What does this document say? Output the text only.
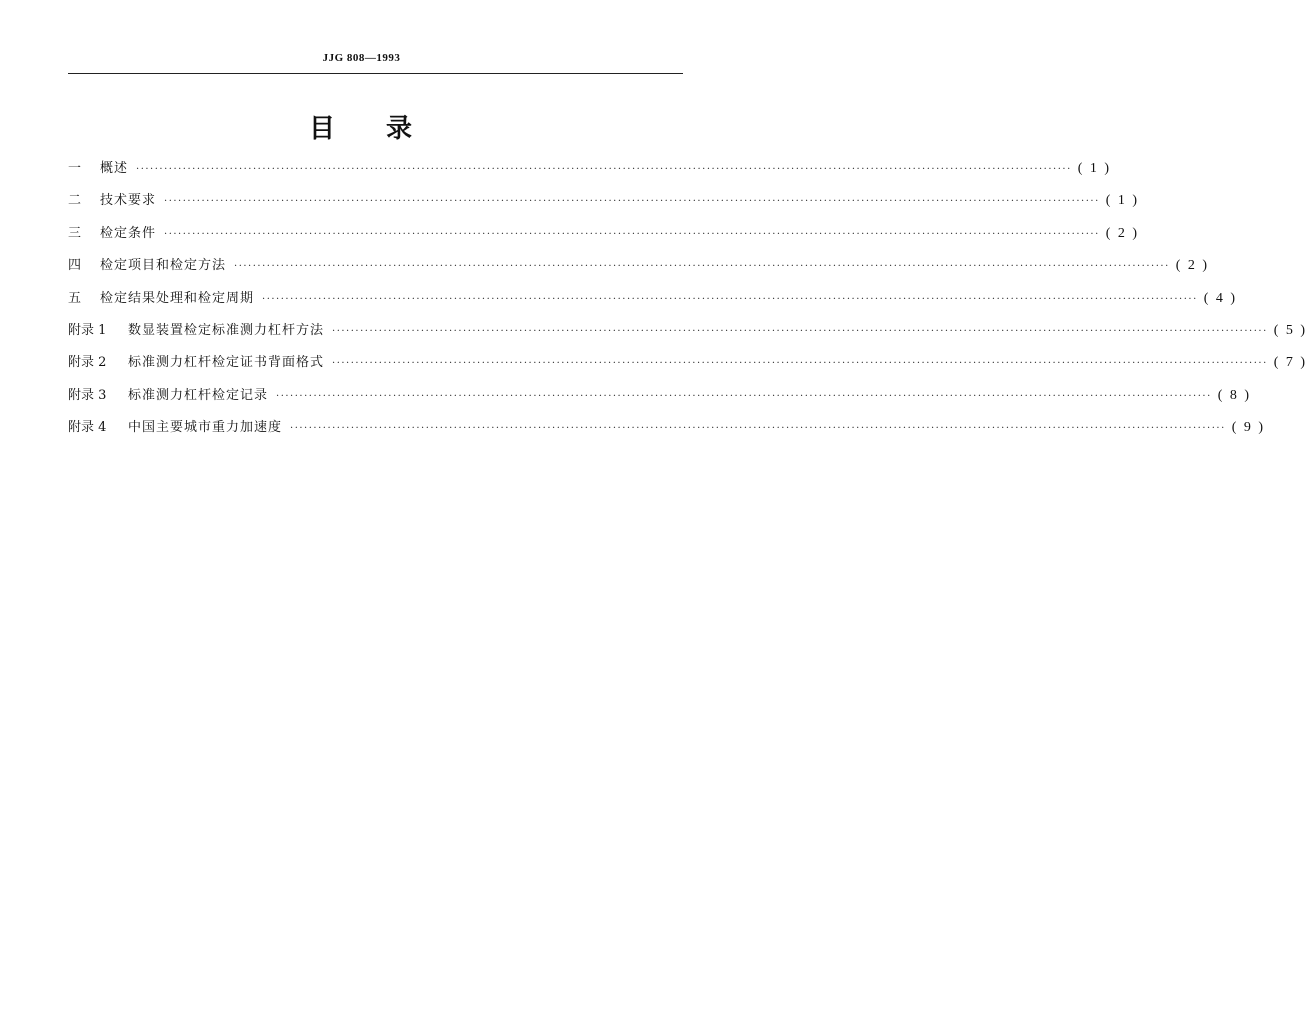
JJG 808—1993
目 录
一	概述 ········································································································································································································ ( 1 )
二	技术要求 ········································································································································································································ ( 1 )
三	检定条件 ········································································································································································································ ( 2 )
四	检定项目和检定方法 ········································································································································································································ ( 2 )
五	检定结果处理和检定周期 ········································································································································································································ ( 4 )
附录 1	数显装置检定标准测力杠杆方法 ········································································································································································································ ( 5 )
附录 2	标准测力杠杆检定证书背面格式 ········································································································································································································ ( 7 )
附录 3	标准测力杠杆检定记录 ········································································································································································································ ( 8 )
附录 4	中国主要城市重力加速度 ········································································································································································································ ( 9 )
